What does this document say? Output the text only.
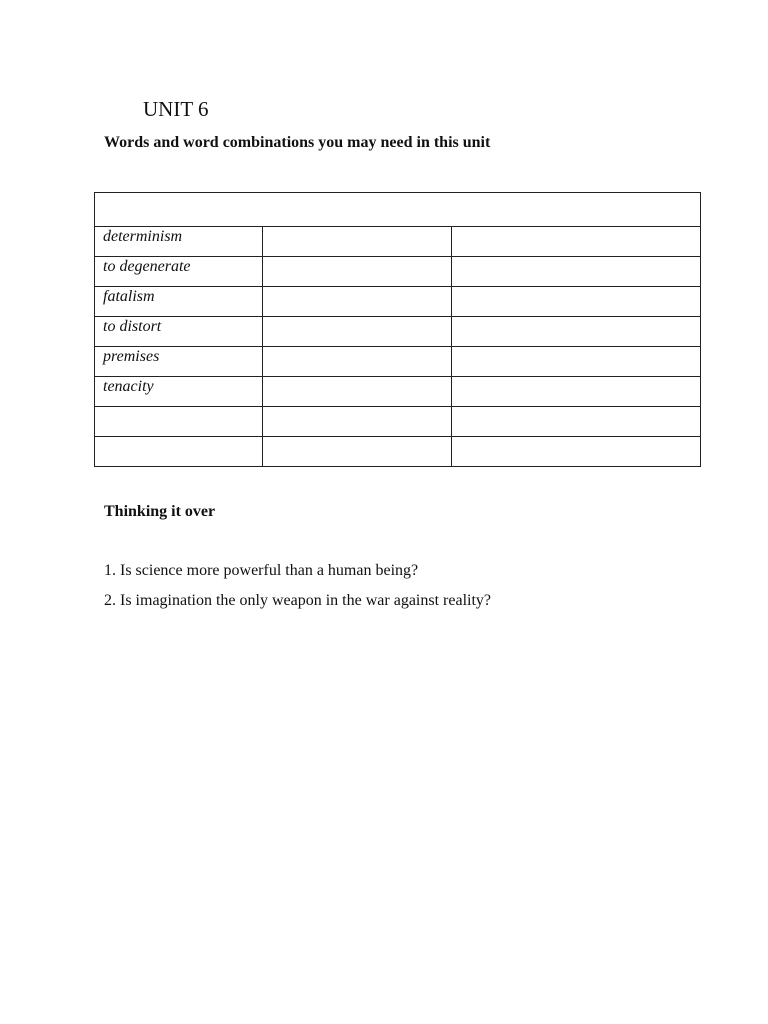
UNIT 6

Words and word combinations you may need in this unit

determinism		
to degenerate		
fatalism		
to distort		
premises		
tenacity		

Thinking it over

1. Is science more powerful than a human being?
2. Is imagination the only weapon in the war against reality?
